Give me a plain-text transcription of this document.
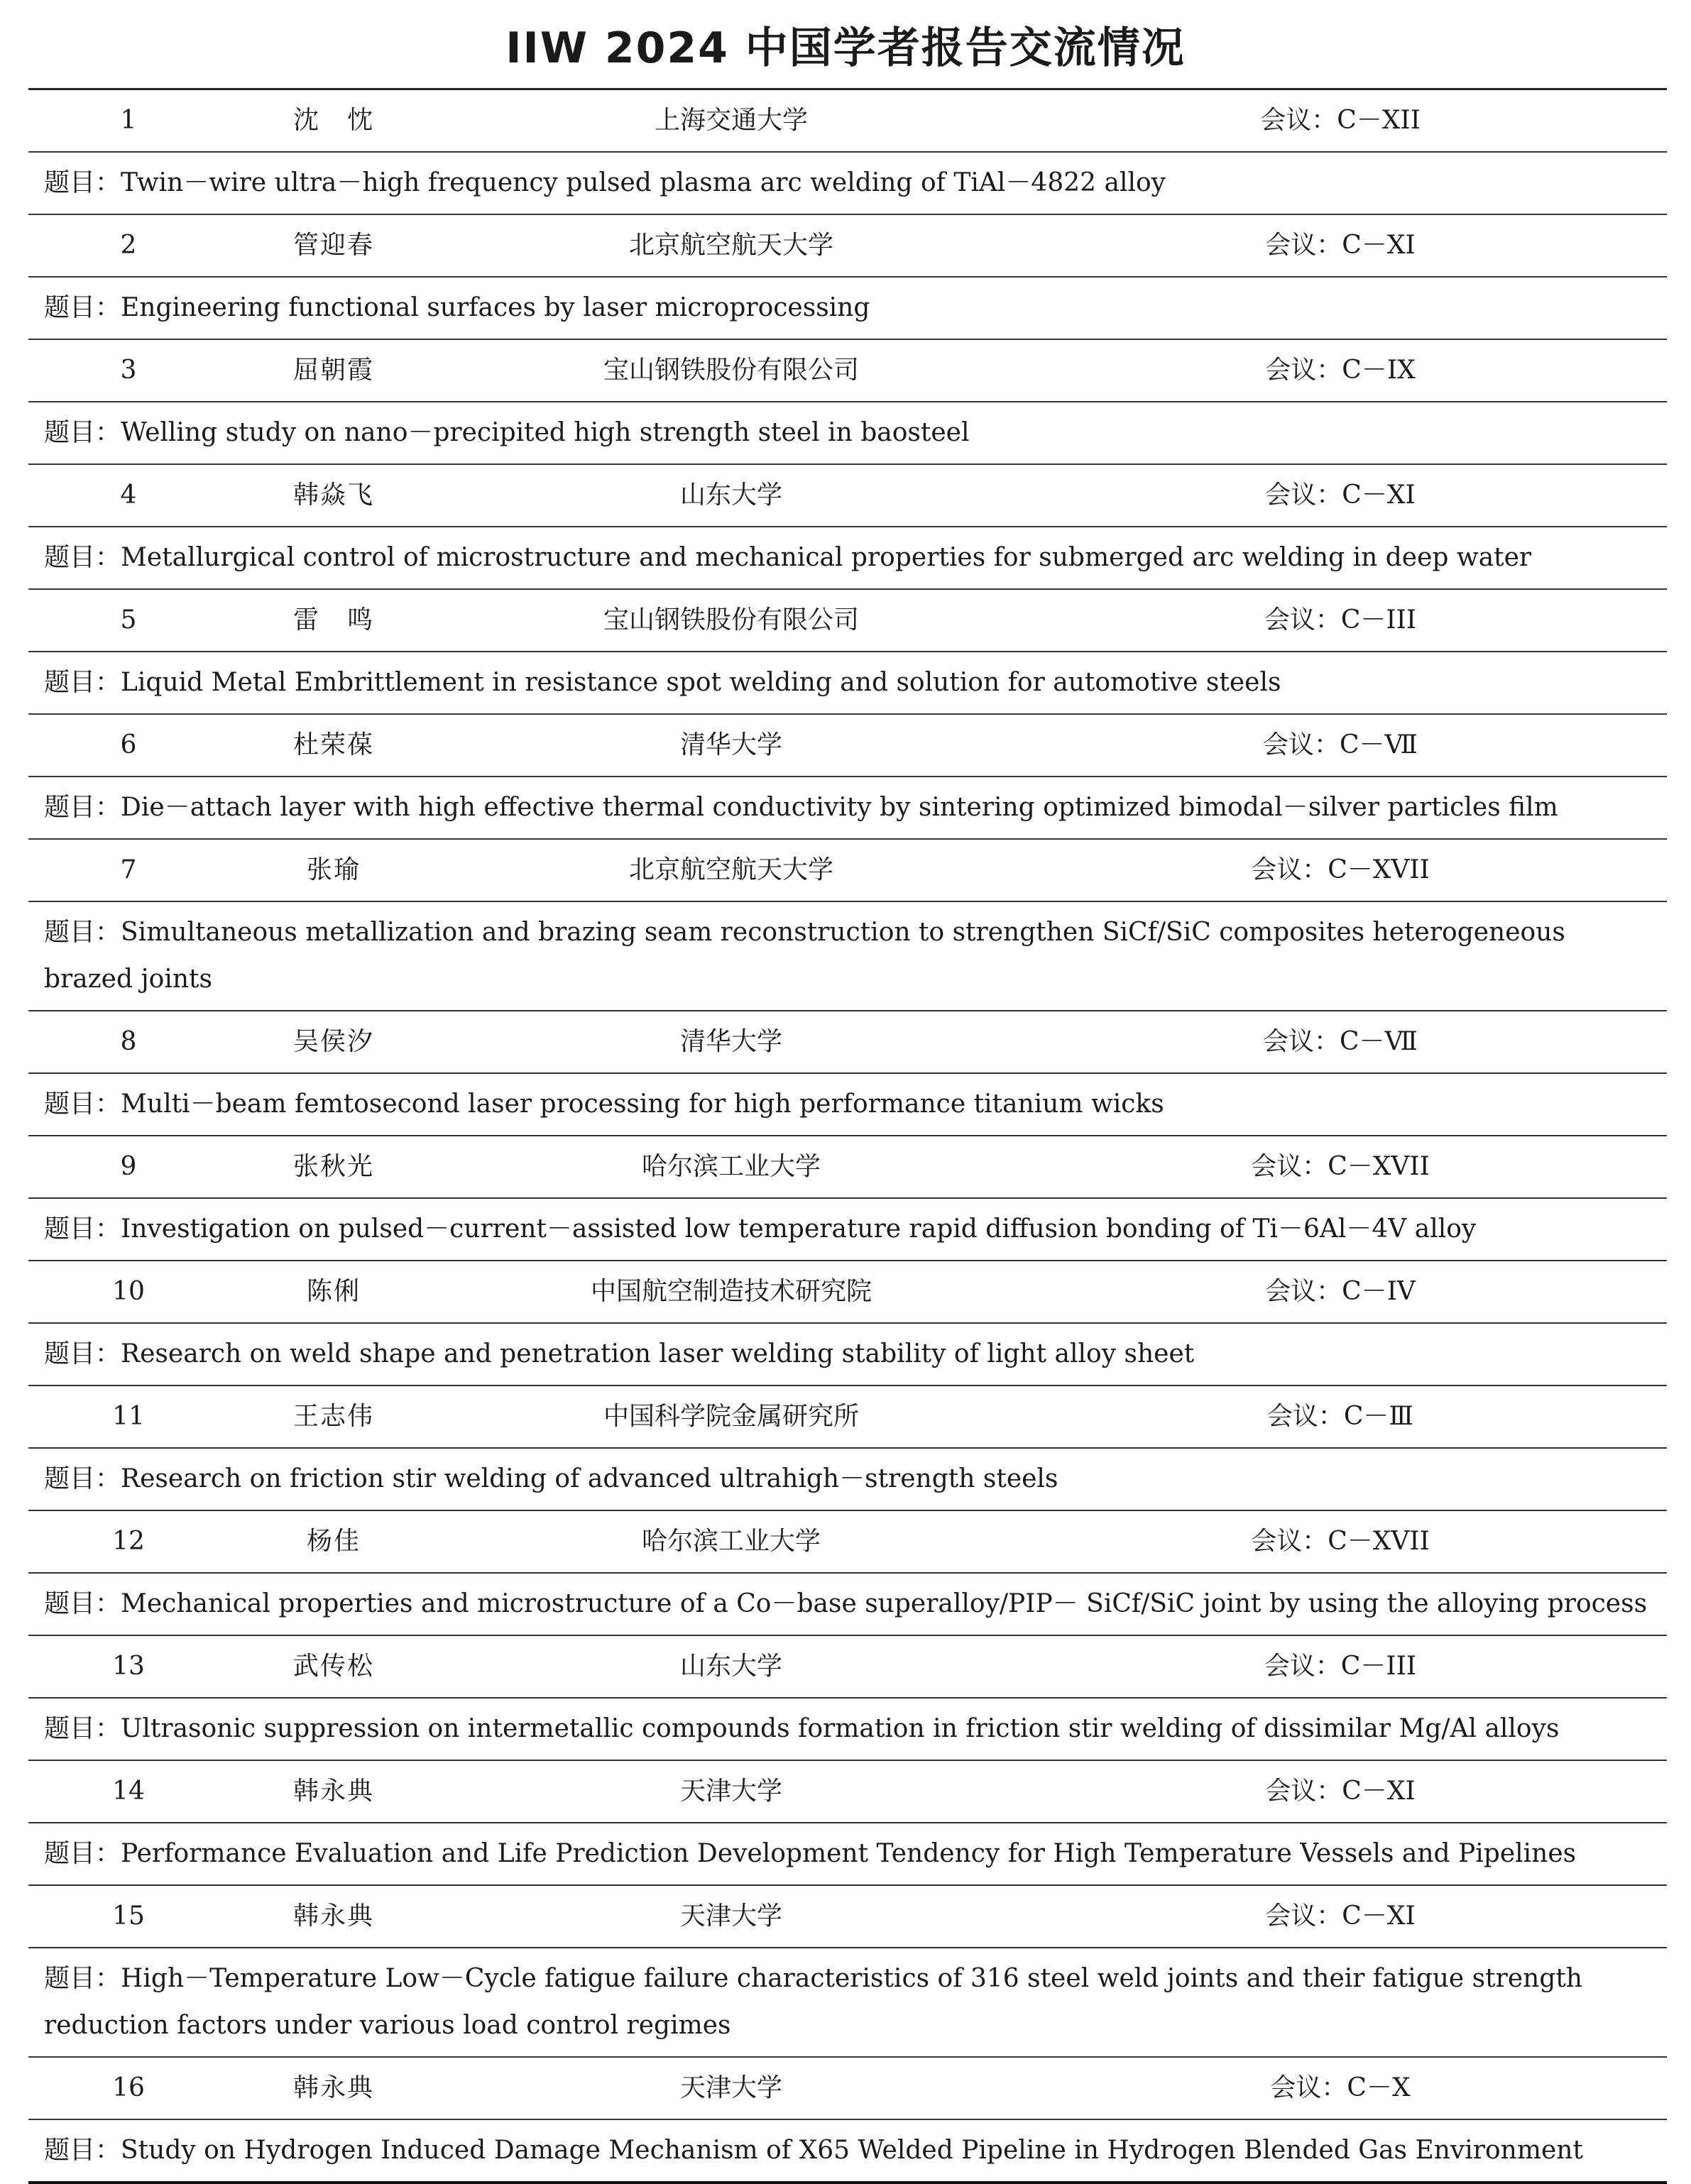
IIW 2024 中国学者报告交流情况
1	沈　忱	上海交通大学	会议：C－XII
题目：Twin－wire ultra－high frequency pulsed plasma arc welding of TiAl－4822 alloy
2	管迎春	北京航空航天大学	会议：C－XI
题目：Engineering functional surfaces by laser microprocessing
3	屈朝霞	宝山钢铁股份有限公司	会议：C－IX
题目：Welling study on nano－precipited high strength steel in baosteel
4	韩焱飞	山东大学	会议：C－XI
题目：Metallurgical control of microstructure and mechanical properties for submerged arc welding in deep water
5	雷　鸣	宝山钢铁股份有限公司	会议：C－III
题目：Liquid Metal Embrittlement in resistance spot welding and solution for automotive steels
6	杜荣葆	清华大学	会议：C－Ⅶ
题目：Die－attach layer with high effective thermal conductivity by sintering optimized bimodal－silver particles film
7	张瑜	北京航空航天大学	会议：C－XVII
题目：Simultaneous metallization and brazing seam reconstruction to strengthen SiCf/SiC composites heterogeneous brazed joints
8	吴侯汐	清华大学	会议：C－Ⅶ
题目：Multi－beam femtosecond laser processing for high performance titanium wicks
9	张秋光	哈尔滨工业大学	会议：C－XVII
题目：Investigation on pulsed－current－assisted low temperature rapid diffusion bonding of Ti－6Al－4V alloy
10	陈俐	中国航空制造技术研究院	会议：C－IV
题目：Research on weld shape and penetration laser welding stability of light alloy sheet
11	王志伟	中国科学院金属研究所	会议：C－Ⅲ
题目：Research on friction stir welding of advanced ultrahigh－strength steels
12	杨佳	哈尔滨工业大学	会议：C－XVII
题目：Mechanical properties and microstructure of a Co－base superalloy/PIP－ SiCf/SiC joint by using the alloying process
13	武传松	山东大学	会议：C－III
题目：Ultrasonic suppression on intermetallic compounds formation in friction stir welding of dissimilar Mg/Al alloys
14	韩永典	天津大学	会议：C－XI
题目：Performance Evaluation and Life Prediction Development Tendency for High Temperature Vessels and Pipelines
15	韩永典	天津大学	会议：C－XI
题目：High－Temperature Low－Cycle fatigue failure characteristics of 316 steel weld joints and their fatigue strength reduction factors under various load control regimes
16	韩永典	天津大学	会议：C－X
题目：Study on Hydrogen Induced Damage Mechanism of X65 Welded Pipeline in Hydrogen Blended Gas Environment
